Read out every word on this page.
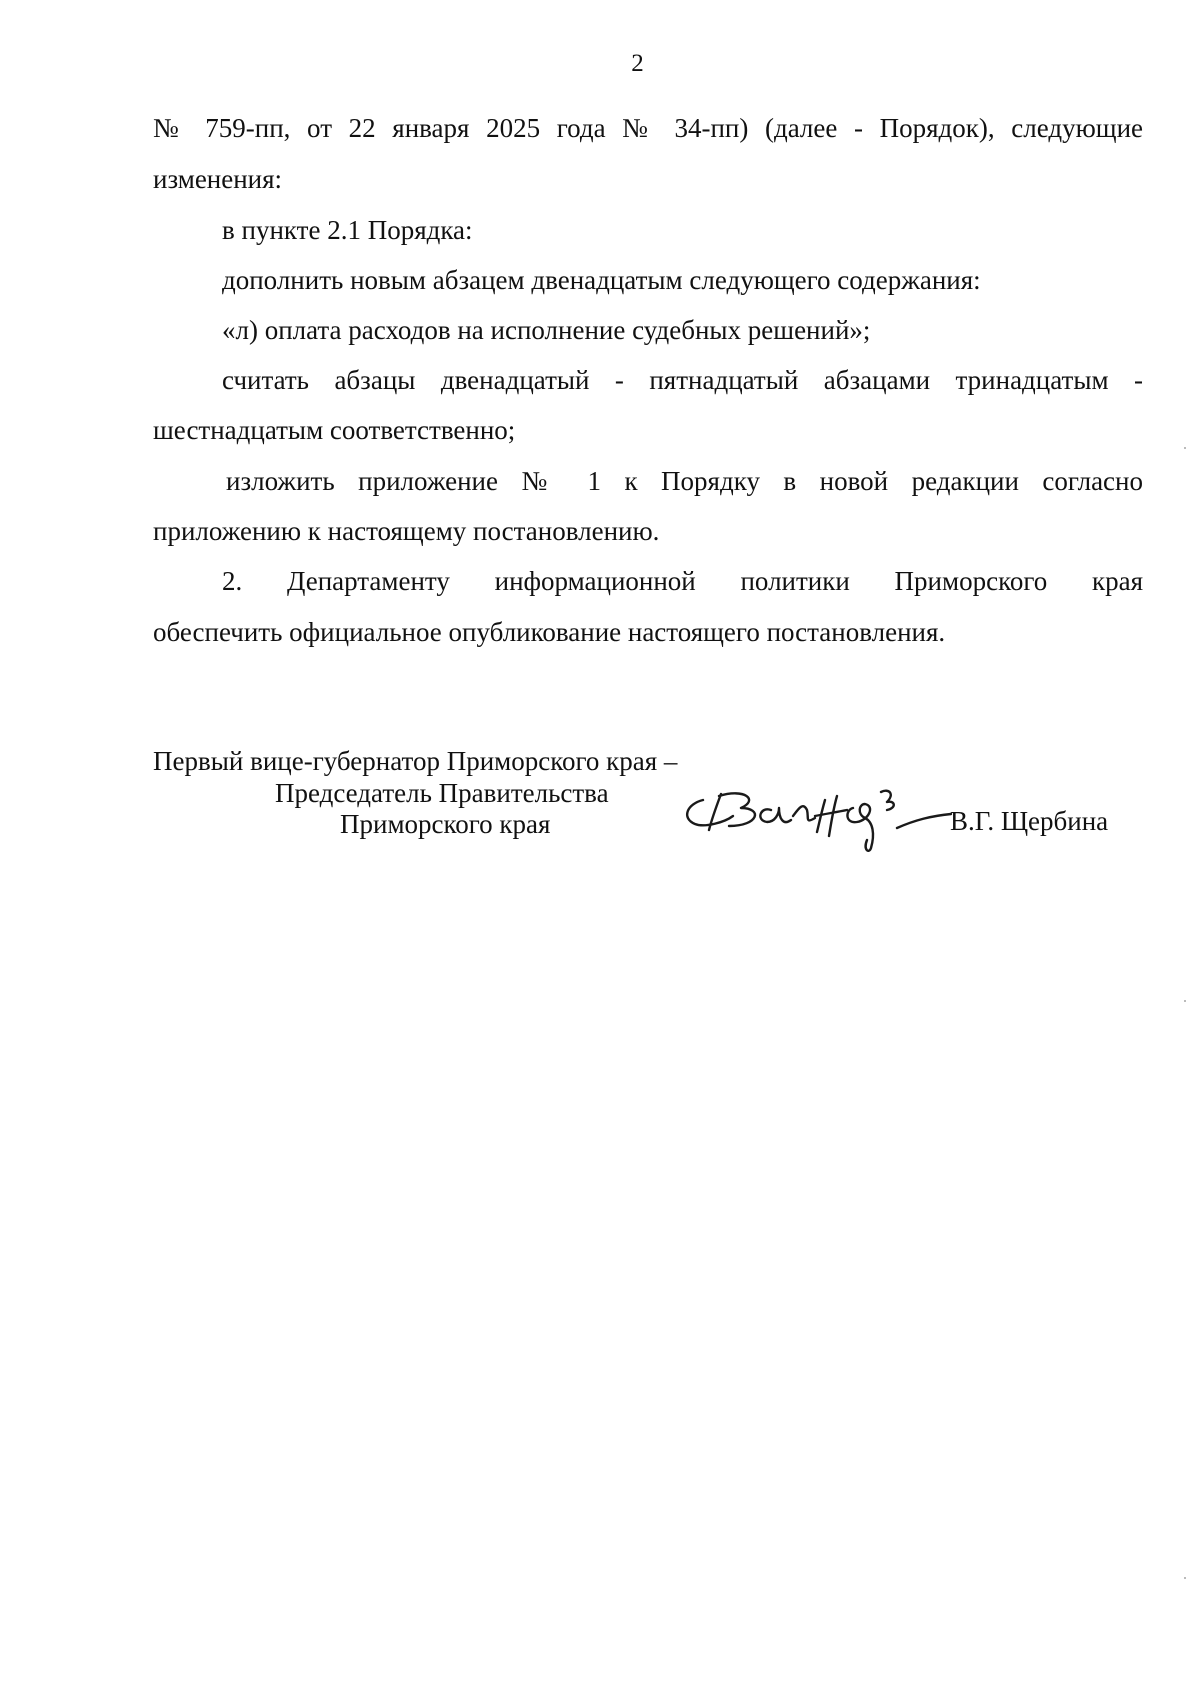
2
№ 759-пп, от 22 января 2025 года № 34-пп) (далее - Порядок), следующие
изменения:
в пункте 2.1 Порядка:
дополнить новым абзацем двенадцатым следующего содержания:
«л) оплата расходов на исполнение судебных решений»;
считать абзацы двенадцатый - пятнадцатый абзацами тринадцатым -
шестнадцатым соответственно;
изложить приложение № 1 к Порядку в новой редакции согласно
приложению к настоящему постановлению.
2. Департаменту информационной политики Приморского края
обеспечить официальное опубликование настоящего постановления.
Первый вице-губернатор Приморского края –
Председатель Правительства
Приморского края	В.Г. Щербина
